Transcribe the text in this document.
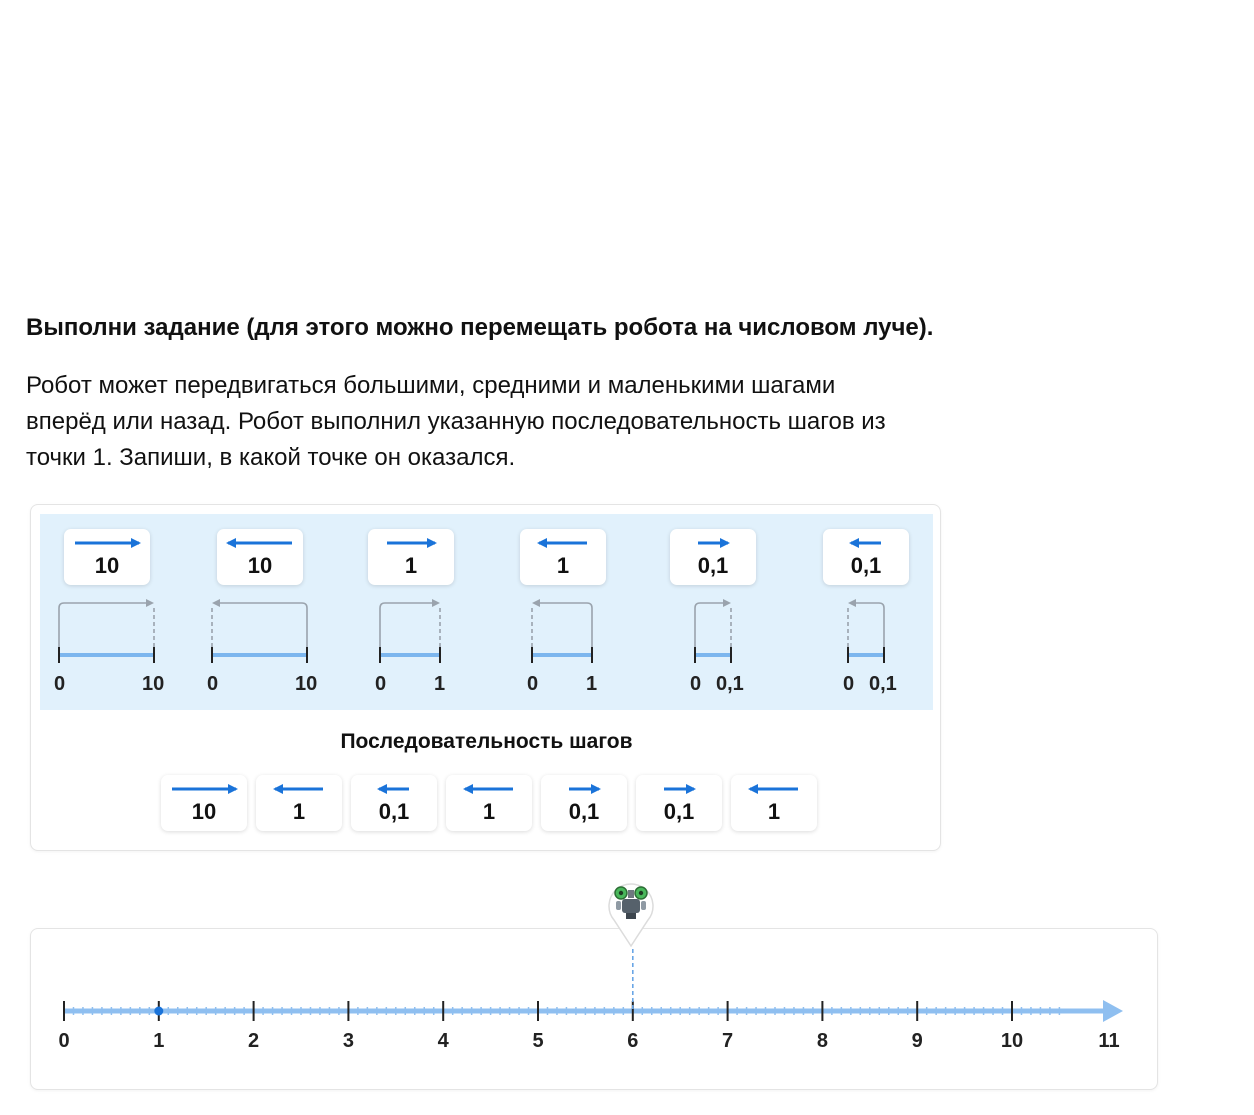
Выполни задание (для этого можно перемещать робота на числовом луче).
Робот может передвигаться большими, средними и маленькими шагами
вперёд или назад. Робот выполнил указанную последовательность шагов из
точки 1. Запиши, в какой точке он оказался.
10
0	10
10
0	10
1
0 1
1
0 1
0,1
0 0,1
0,1
0 0,1
Последовательность шагов
10	1	0,1	1	0,1	0,1	1
0	1	2	3	4	5	6	7	8	9	10	11
